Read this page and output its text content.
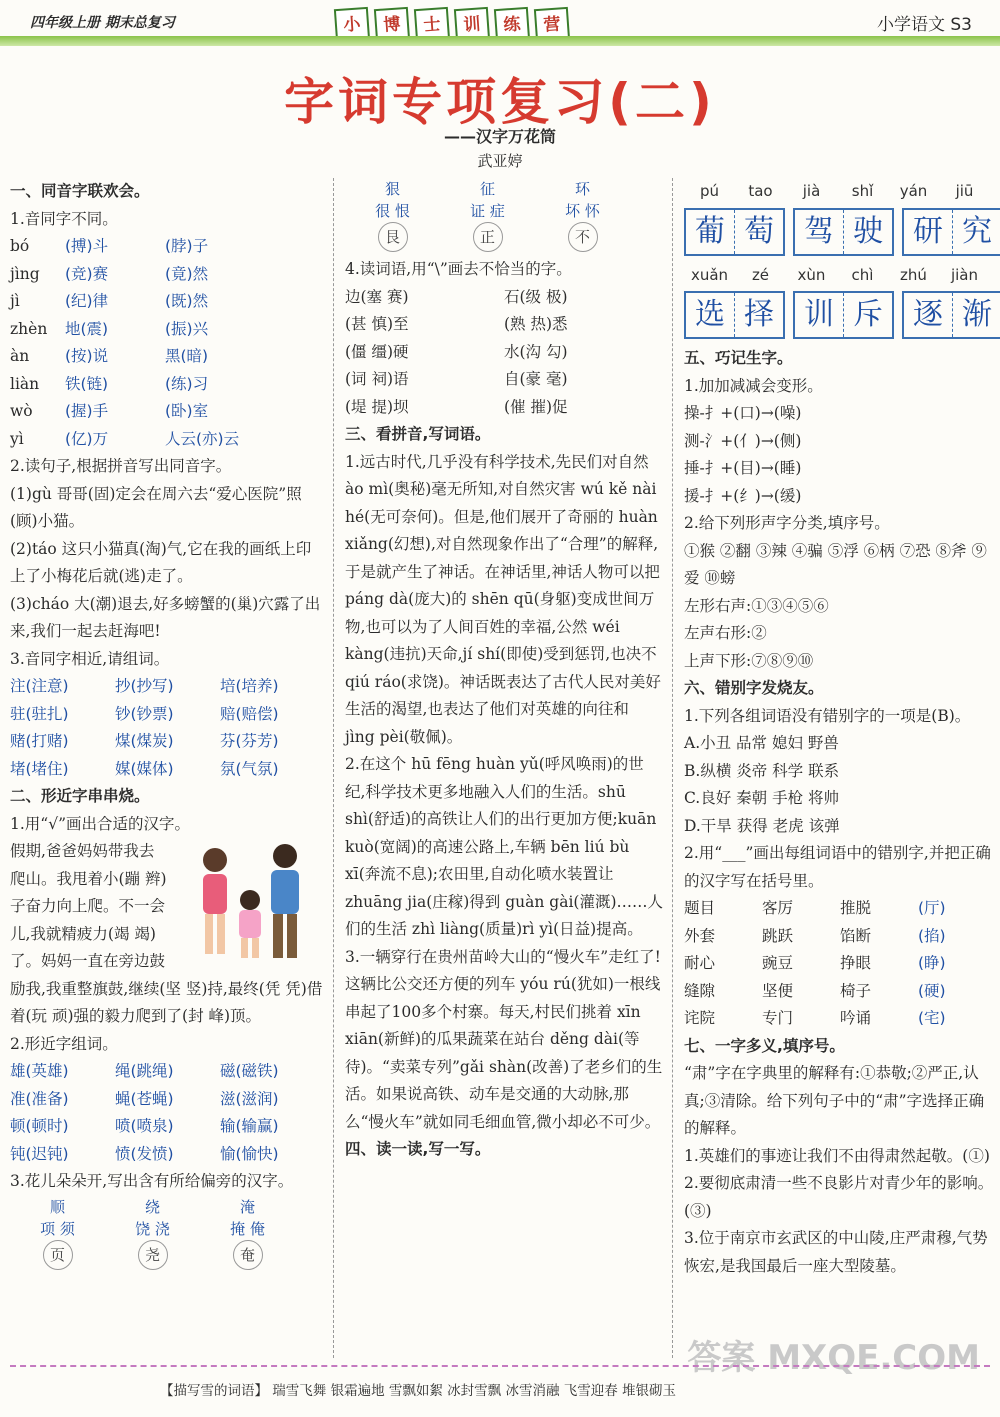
四年级上册 期末总复习	小	博	士	训	练	营	小学语文 S3
字词专项复习(二)
——汉字万花筒
武亚婷
一、同音字联欢会。
1.音同字不同。
bó	(搏)斗	(脖)子
jìng	(竞)赛	(竟)然
jì	(纪)律	(既)然
zhèn	地(震)	(振)兴
àn	(按)说	黑(暗)
liàn	铁(链)	(练)习
wò	(握)手	(卧)室
yì	(亿)万	人云(亦)云
2.读句子,根据拼音写出同音字。
(1)gù 哥哥(固)定会在周六去“爱心医院”照(顾)小猫。
(2)táo 这只小猫真(淘)气,它在我的画纸上印上了小梅花后就(逃)走了。
(3)cháo 大(潮)退去,好多螃蟹的(巢)穴露了出来,我们一起去赶海吧!
3.音同字相近,请组词。
注(注意)	抄(抄写)	培(培养)
驻(驻扎)	钞(钞票)	赔(赔偿)
赌(打赌)	煤(煤炭)	芬(芬芳)
堵(堵住)	媒(媒体)	氛(气氛)
二、形近字串串烧。
1.用“√”画出合适的汉字。
假期,爸爸妈妈带我去爬山。我甩着小(蹦 辫)子奋力向上爬。不一会儿,我就精疲力(竭 竭)了。妈妈一直在旁边鼓励我,我重整旗鼓,继续(坚 竖)持,最终(凭 凭)借着(玩 顽)强的毅力爬到了(封 峰)顶。
2.形近字组词。
雄(英雄)	绳(跳绳)	磁(磁铁)
准(准备)	蝇(苍蝇)	滋(滋润)
顿(顿时)	喷(喷泉)	输(输赢)
钝(迟钝)	愤(发愤)	愉(愉快)
3.花儿朵朵开,写出含有所给偏旁的汉字。
顺
项 须
页
绕
饶 浇
尧
淹
掩 俺
奄
狠
很 恨
艮
征
证 症
正
环
坏 怀
不
4.读词语,用“\”画去不恰当的字。
边(塞 赛)	石(级 极)
(甚 慎)至	(熟 热)悉
(僵 缰)硬	水(沟 勾)
(词 祠)语	自(豪 毫)
(堤 提)坝	(催 摧)促
三、看拼音,写词语。
1.远古时代,几乎没有科学技术,先民们对自然 ào mì(奥秘)毫无所知,对自然灾害 wú kě nài hé(无可奈何)。但是,他们展开了奇丽的 huàn xiǎng(幻想),对自然现象作出了“合理”的解释,于是就产生了神话。在神话里,神话人物可以把 páng dà(庞大)的 shēn qū(身躯)变成世间万物,也可以为了人间百姓的幸福,公然 wéi kàng(违抗)天命,jí shí(即使)受到惩罚,也决不 qiú ráo(求饶)。神话既表达了古代人民对美好生活的渴望,也表达了他们对英雄的向往和 jìng pèi(敬佩)。
2.在这个 hū fēng huàn yǔ(呼风唤雨)的世纪,科学技术更多地融入人们的生活。shū shì(舒适)的高铁让人们的出行更加方便;kuān kuò(宽阔)的高速公路上,车辆 bēn liú bù xī(奔流不息);农田里,自动化喷水装置让 zhuāng jia(庄稼)得到 guàn gài(灌溉)……人们的生活 zhì liàng(质量)rì yì(日益)提高。
3.一辆穿行在贵州苗岭大山的“慢火车”走红了!这辆比公交还方便的列车 yóu rú(犹如)一根线串起了100多个村寨。每天,村民们挑着 xīn xiān(新鲜)的瓜果蔬菜在站台 děng dài(等待)。“卖菜专列”gǎi shàn(改善)了老乡们的生活。如果说高铁、动车是交通的大动脉,那么“慢火车”就如同毛细血管,微小却必不可少。
四、读一读,写一写。
pú	tao	jià	shǐ	yán	jiū
葡 萄	驾 驶	研 究
xuǎn	zé	xùn	chì	zhú	jiàn
选 择	训 斥	逐 渐
五、巧记生字。
1.加加减减会变形。
操-扌+(口)→(噪)
测-氵+(亻)→(侧)
捶-扌+(目)→(睡)
援-扌+(纟)→(缓)
2.给下列形声字分类,填序号。
①猴 ②翻 ③辣 ④骗 ⑤浮 ⑥柄 ⑦恐 ⑧斧 ⑨爱 ⑩螃
左形右声:①③④⑤⑥
左声右形:②
上声下形:⑦⑧⑨⑩
六、错别字发烧友。
1.下列各组词语没有错别字的一项是(B)。
A.小丑 品常 媳妇 野兽
B.纵横 炎帝 科学 联系
C.良好 秦朝 手枪 将帅
D.干旱 获得 老虎 该弹
2.用“___”画出每组词语中的错别字,并把正确的汉字写在括号里。
题目	客厉	推脱	(厅)
外套	跳跃	馅断	(掐)
耐心	豌豆	挣眼	(睁)
缝隙	坚便	椅子	(硬)
诧院	专门	吟诵	(宅)
七、一字多义,填序号。
“肃”字在字典里的解释有:①恭敬;②严正,认真;③清除。给下列句子中的“肃”字选择正确的解释。
1.英雄们的事迹让我们不由得肃然起敬。(①)
2.要彻底肃清一些不良影片对青少年的影响。(③)
3.位于南京市玄武区的中山陵,庄严肃穆,气势恢宏,是我国最后一座大型陵墓。
答案 MXQE.COM
【描写雪的词语】 瑞雪飞舞 银霜遍地 雪飘如絮 冰封雪飘 冰雪消融 飞雪迎春 堆银砌玉
